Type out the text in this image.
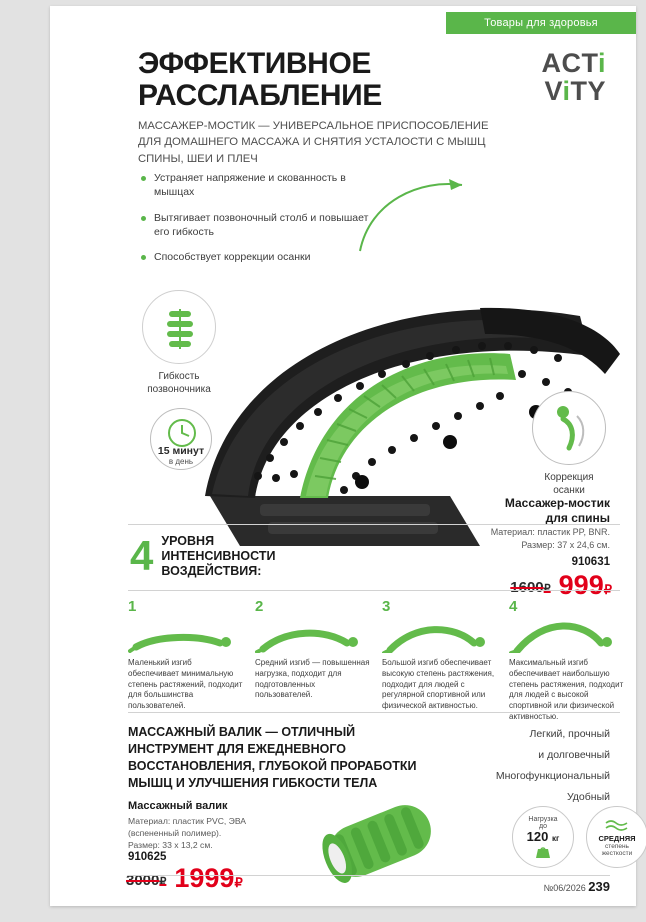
Товары для здоровья
ЭФФЕКТИВНОЕ
РАССЛАБЛЕНИЕ
МАССАЖЕР-МОСТИК — УНИВЕРСАЛЬНОЕ ПРИСПОСОБЛЕНИЕ ДЛЯ ДОМАШНЕГО МАССАЖА И СНЯТИЯ УСТАЛОСТИ С МЫШЦ СПИНЫ, ШЕИ И ПЛЕЧ
ACTi
ViTY
Устраняет напряжение и скованность в мышцах
Вытягивает позвоночный столб и повышает его гибкость
Способствует коррекции осанки
Гибкость
позвоночника
15 минут
в день
Коррекция
осанки
Массажер-мостик
для спины
Материал: пластик PP, BNR.
Размер: 37 х 24,6 см.
910631
1600₽ 999₽
4 УРОВНЯ
ИНТЕНСИВНОСТИ
ВОЗДЕЙСТВИЯ:
1
Маленький изгиб обеспечивает минимальную степень растяжений, подходит для большинства пользователей.
2
Средний изгиб — повышенная нагрузка, подходит для подготовленных пользователей.
3
Большой изгиб обеспечивает высокую степень растяжения, подходит для людей с регулярной спортивной или физической активностью.
4
Максимальный изгиб обеспечивает наибольшую степень растяжения, подходит для людей с высокой спортивной или физической активностью.
МАССАЖНЫЙ ВАЛИК — ОТЛИЧНЫЙ ИНСТРУМЕНТ ДЛЯ ЕЖЕДНЕВНОГО ВОССТАНОВЛЕНИЯ, ГЛУБОКОЙ ПРОРАБОТКИ МЫШЦ И УЛУЧШЕНИЯ ГИБКОСТИ ТЕЛА
Легкий, прочный
и долговечный
Многофункциональный
Удобный
Массажный валик
Материал: пластик PVC, ЭВА
(вспененный полимер).
Размер: 33 х 13,2 см.
910625
3000₽ 1999₽
Нагрузка
до
120 кг	СРЕДНЯЯ
степень
жесткости
№06/2026 239
